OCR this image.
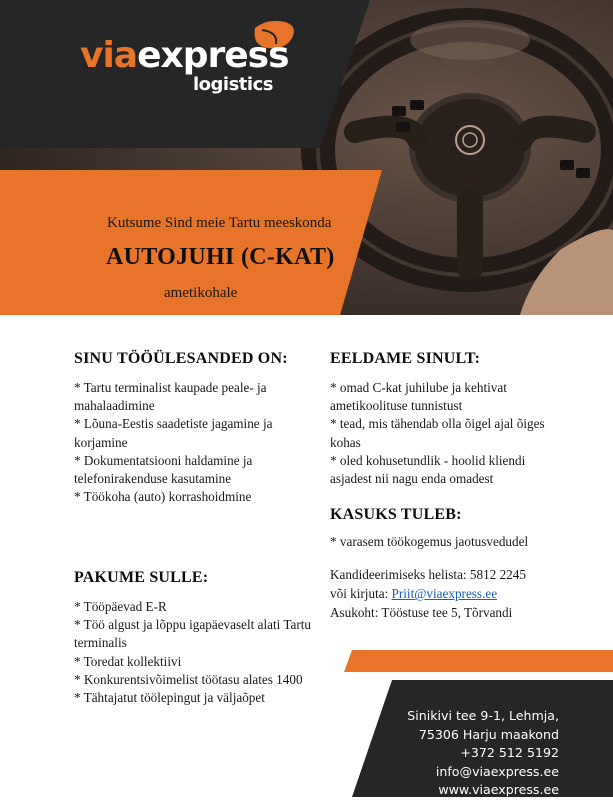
viaexpress
logistics
Kutsume Sind meie Tartu meeskonda
AUTOJUHI (C-KAT)
ametikohale
SINU TÖÖÜLESANDED ON:
* Tartu terminalist kaupade peale- ja mahalaadimine
* Lõuna-Eestis saadetiste jagamine ja korjamine
* Dokumentatsiooni haldamine ja telefonirakenduse kasutamine
* Töökoha (auto) korrashoidmine
EELDAME SINULT:
* omad C-kat juhilube ja kehtivat ametikoolituse tunnistust
* tead, mis tähendab olla õigel ajal õiges kohas
* oled kohusetundlik - hoolid kliendi asjadest nii nagu enda omadest
KASUKS TULEB:
* varasem töökogemus jaotusvedudel
Kandideerimiseks helista: 5812 2245
või kirjuta: Priit@viaexpress.ee
Asukoht: Tööstuse tee 5, Tõrvandi
PAKUME SULLE:
* Tööpäevad E-R
* Töö algust ja lõppu igapäevaselt alati Tartu terminalis
* Toredat kollektiivi
* Konkurentsivõimelist töötasu alates 1400
* Tähtajatut töölepingut ja väljaõpet
Sinikivi tee 9-1, Lehmja,
75306 Harju maakond
+372 512 5192
info@viaexpress.ee
www.viaexpress.ee
